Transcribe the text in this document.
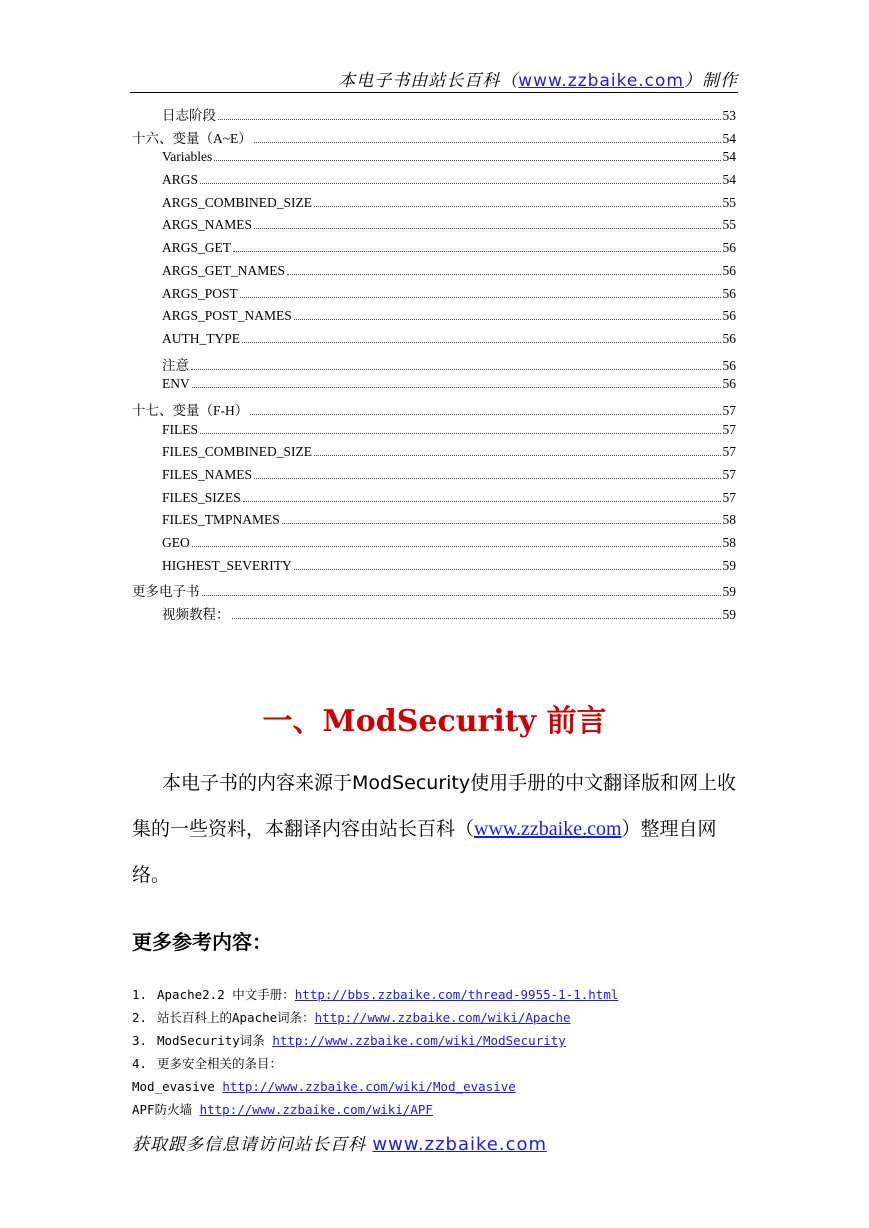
本电子书由站长百科（www.zzbaike.com）制作
日志阶段	53
十六、变量（A~E）	54
Variables	54
ARGS	54
ARGS_COMBINED_SIZE	55
ARGS_NAMES	55
ARGS_GET	56
ARGS_GET_NAMES	56
ARGS_POST	56
ARGS_POST_NAMES	56
AUTH_TYPE	56
注意	56
ENV	56
十七、变量（F-H）	57
FILES	57
FILES_COMBINED_SIZE	57
FILES_NAMES	57
FILES_SIZES	57
FILES_TMPNAMES	58
GEO	58
HIGHEST_SEVERITY	59
更多电子书	59
视频教程：	59
一、ModSecurity 前言
本电子书的内容来源于ModSecurity使用手册的中文翻译版和网上收集的一些资料，本翻译内容由站长百科（www.zzbaike.com）整理自网络。
更多参考内容：
1. Apache2.2 中文手册：http://bbs.zzbaike.com/thread-9955-1-1.html
2. 站长百科上的Apache词条：http://www.zzbaike.com/wiki/Apache
3. ModSecurity词条 http://www.zzbaike.com/wiki/ModSecurity
4. 更多安全相关的条目：
Mod_evasive http://www.zzbaike.com/wiki/Mod_evasive
APF防火墙 http://www.zzbaike.com/wiki/APF
获取跟多信息请访问站长百科 www.zzbaike.com
